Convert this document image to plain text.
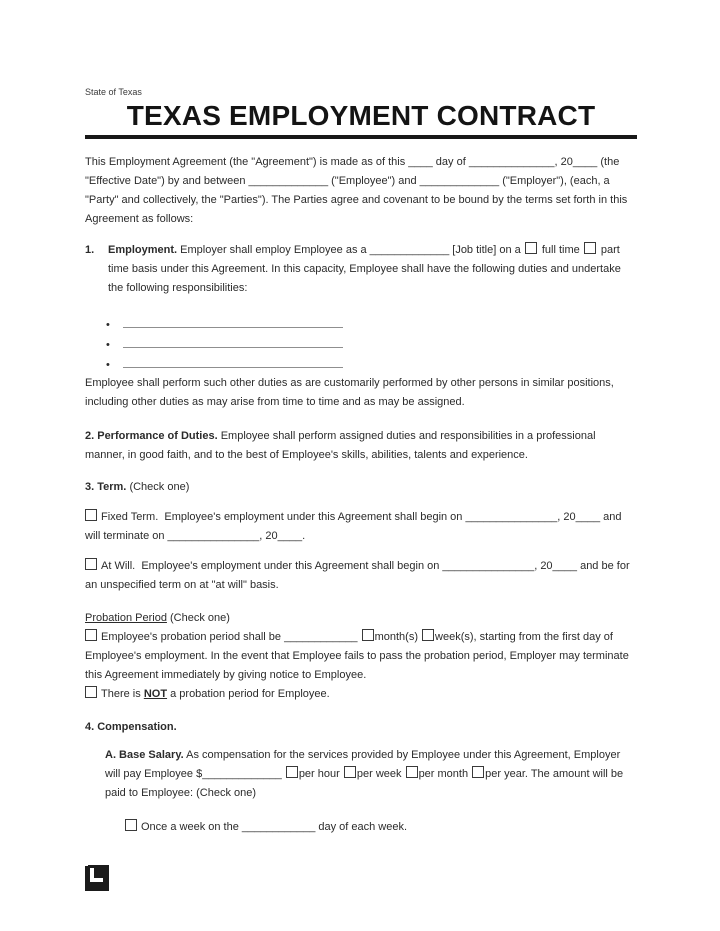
State of Texas
TEXAS EMPLOYMENT CONTRACT

This Employment Agreement (the "Agreement") is made as of this ____ day of ______________, 20____ (the "Effective Date") by and between _____________ ("Employee") and _____________ ("Employer"), (each, a "Party" and collectively, the "Parties"). The Parties agree and covenant to be bound by the terms set forth in this Agreement as follows:

1. Employment. Employer shall employ Employee as a _____________ [Job title] on a full time part time basis under this Agreement. In this capacity, Employee shall have the following duties and undertake the following responsibilities:

•
•
•

Employee shall perform such other duties as are customarily performed by other persons in similar positions, including other duties as may arise from time to time and as may be assigned.

2. Performance of Duties. Employee shall perform assigned duties and responsibilities in a professional manner, in good faith, and to the best of Employee's skills, abilities, talents and experience.

3. Term. (Check one)

Fixed Term.  Employee's employment under this Agreement shall begin on _______________, 20____ and will terminate on _______________, 20____.

At Will.  Employee's employment under this Agreement shall begin on _______________, 20____ and be for an unspecified term on at "at will" basis.

Probation Period (Check one)

Employee's probation period shall be ____________ month(s) week(s), starting from the first day of Employee's employment. In the event that Employee fails to pass the probation period, Employer may terminate this Agreement immediately by giving notice to Employee.

There is NOT a probation period for Employee.

4. Compensation.

A. Base Salary. As compensation for the services provided by Employee under this Agreement, Employer will pay Employee $_____________ per hour per week per month per year. The amount will be paid to Employee: (Check one)

Once a week on the ____________ day of each week.
